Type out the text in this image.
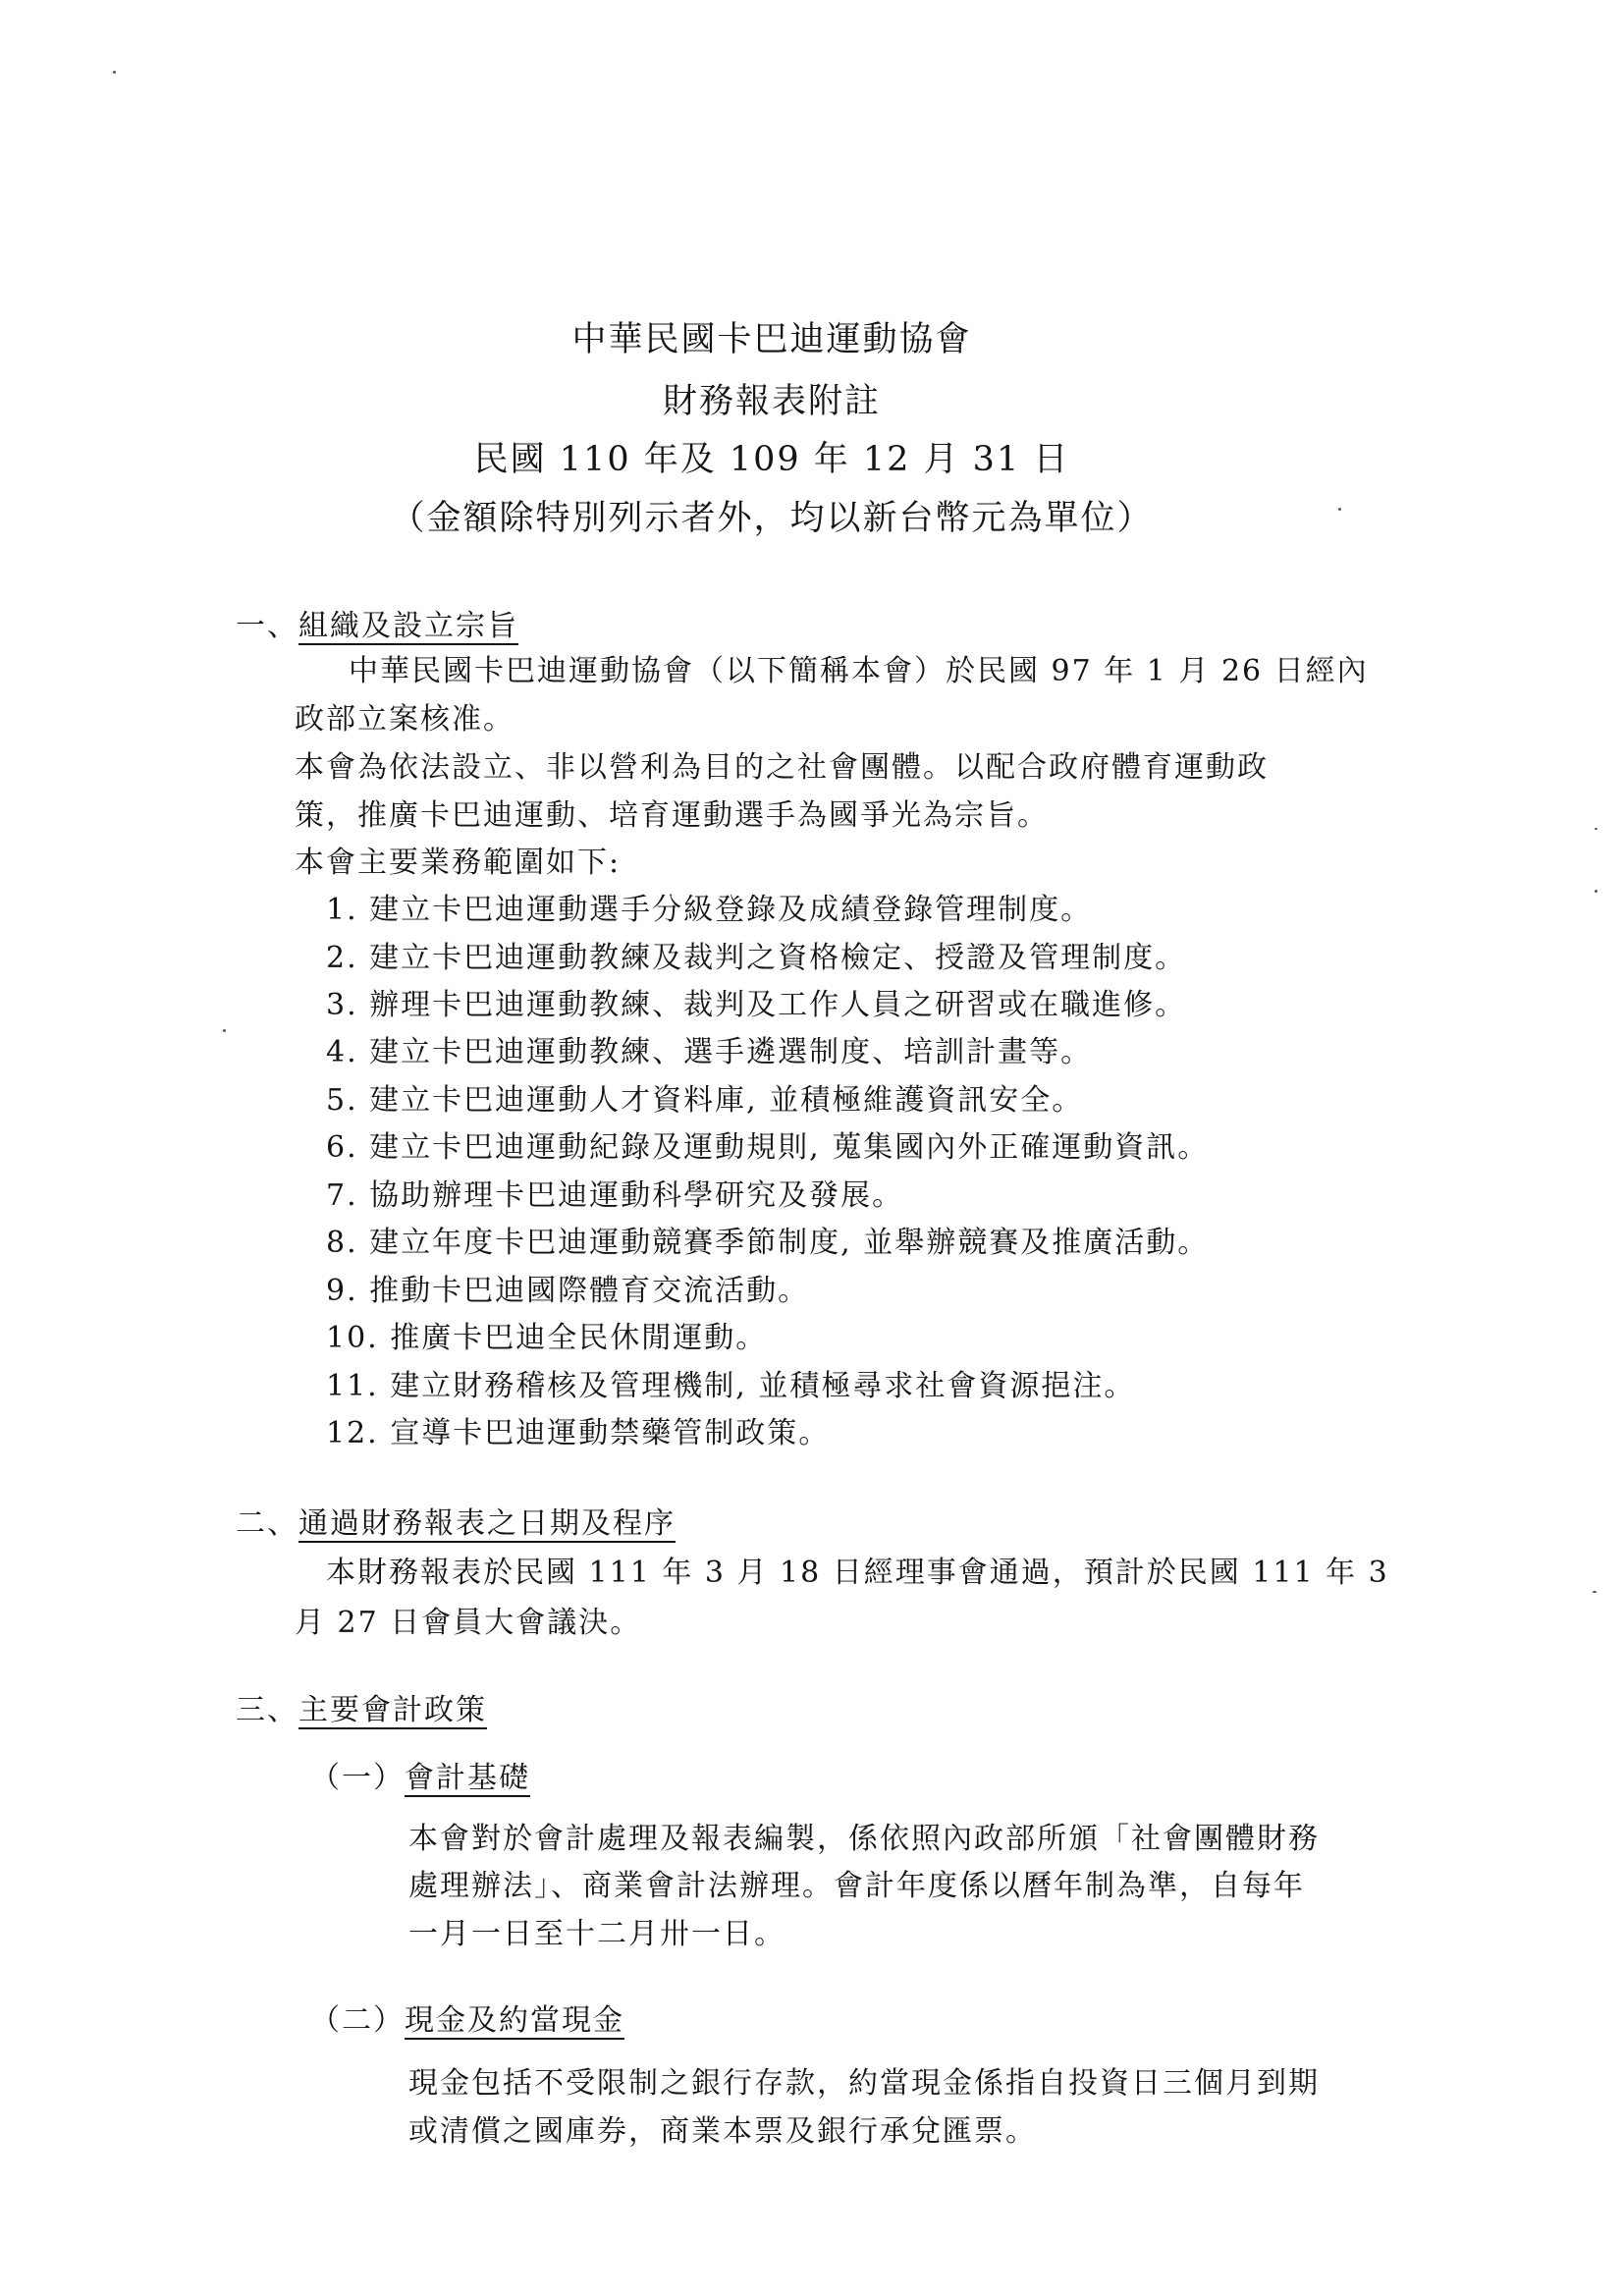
中華民國卡巴迪運動協會
財務報表附註
民國 110 年及 109 年 12 月 31 日
（金額除特別列示者外，均以新台幣元為單位）
一、組織及設立宗旨
中華民國卡巴迪運動協會（以下簡稱本會）於民國 97 年 1 月 26 日經內
政部立案核准。
本會為依法設立、非以營利為目的之社會團體。以配合政府體育運動政
策，推廣卡巴迪運動、培育運動選手為國爭光為宗旨。
本會主要業務範圍如下:
1. 建立卡巴迪運動選手分級登錄及成績登錄管理制度。
2. 建立卡巴迪運動教練及裁判之資格檢定、授證及管理制度。
3. 辦理卡巴迪運動教練、裁判及工作人員之研習或在職進修。
4. 建立卡巴迪運動教練、選手遴選制度、培訓計畫等。
5. 建立卡巴迪運動人才資料庫, 並積極維護資訊安全。
6. 建立卡巴迪運動紀錄及運動規則, 蒐集國內外正確運動資訊。
7. 協助辦理卡巴迪運動科學研究及發展。
8. 建立年度卡巴迪運動競賽季節制度, 並舉辦競賽及推廣活動。
9. 推動卡巴迪國際體育交流活動。
10. 推廣卡巴迪全民休閒運動。
11. 建立財務稽核及管理機制, 並積極尋求社會資源挹注。
12. 宣導卡巴迪運動禁藥管制政策。
二、通過財務報表之日期及程序
本財務報表於民國 111 年 3 月 18 日經理事會通過，預計於民國 111 年 3
月 27 日會員大會議決。
三、主要會計政策
（一）會計基礎
本會對於會計處理及報表編製，係依照內政部所頒「社會團體財務
處理辦法」、商業會計法辦理。會計年度係以曆年制為準，自每年
一月一日至十二月卅一日。
（二）現金及約當現金
現金包括不受限制之銀行存款，約當現金係指自投資日三個月到期
或清償之國庫券，商業本票及銀行承兌匯票。
